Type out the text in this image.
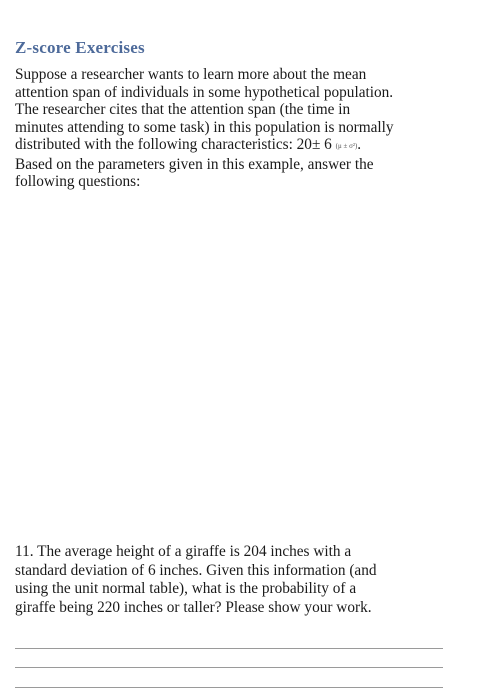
Z-score Exercises
Suppose a researcher wants to learn more about the mean
attention span of individuals in some hypothetical population.
The researcher cites that the attention span (the time in
minutes attending to some task) in this population is normally
distributed with the following characteristics: 20± 6 (μ ± σ²).
Based on the parameters given in this example, answer the
following questions:
11. The average height of a giraffe is 204 inches with a
standard deviation of 6 inches. Given this information (and
using the unit normal table), what is the probability of a
giraffe being 220 inches or taller? Please show your work.
